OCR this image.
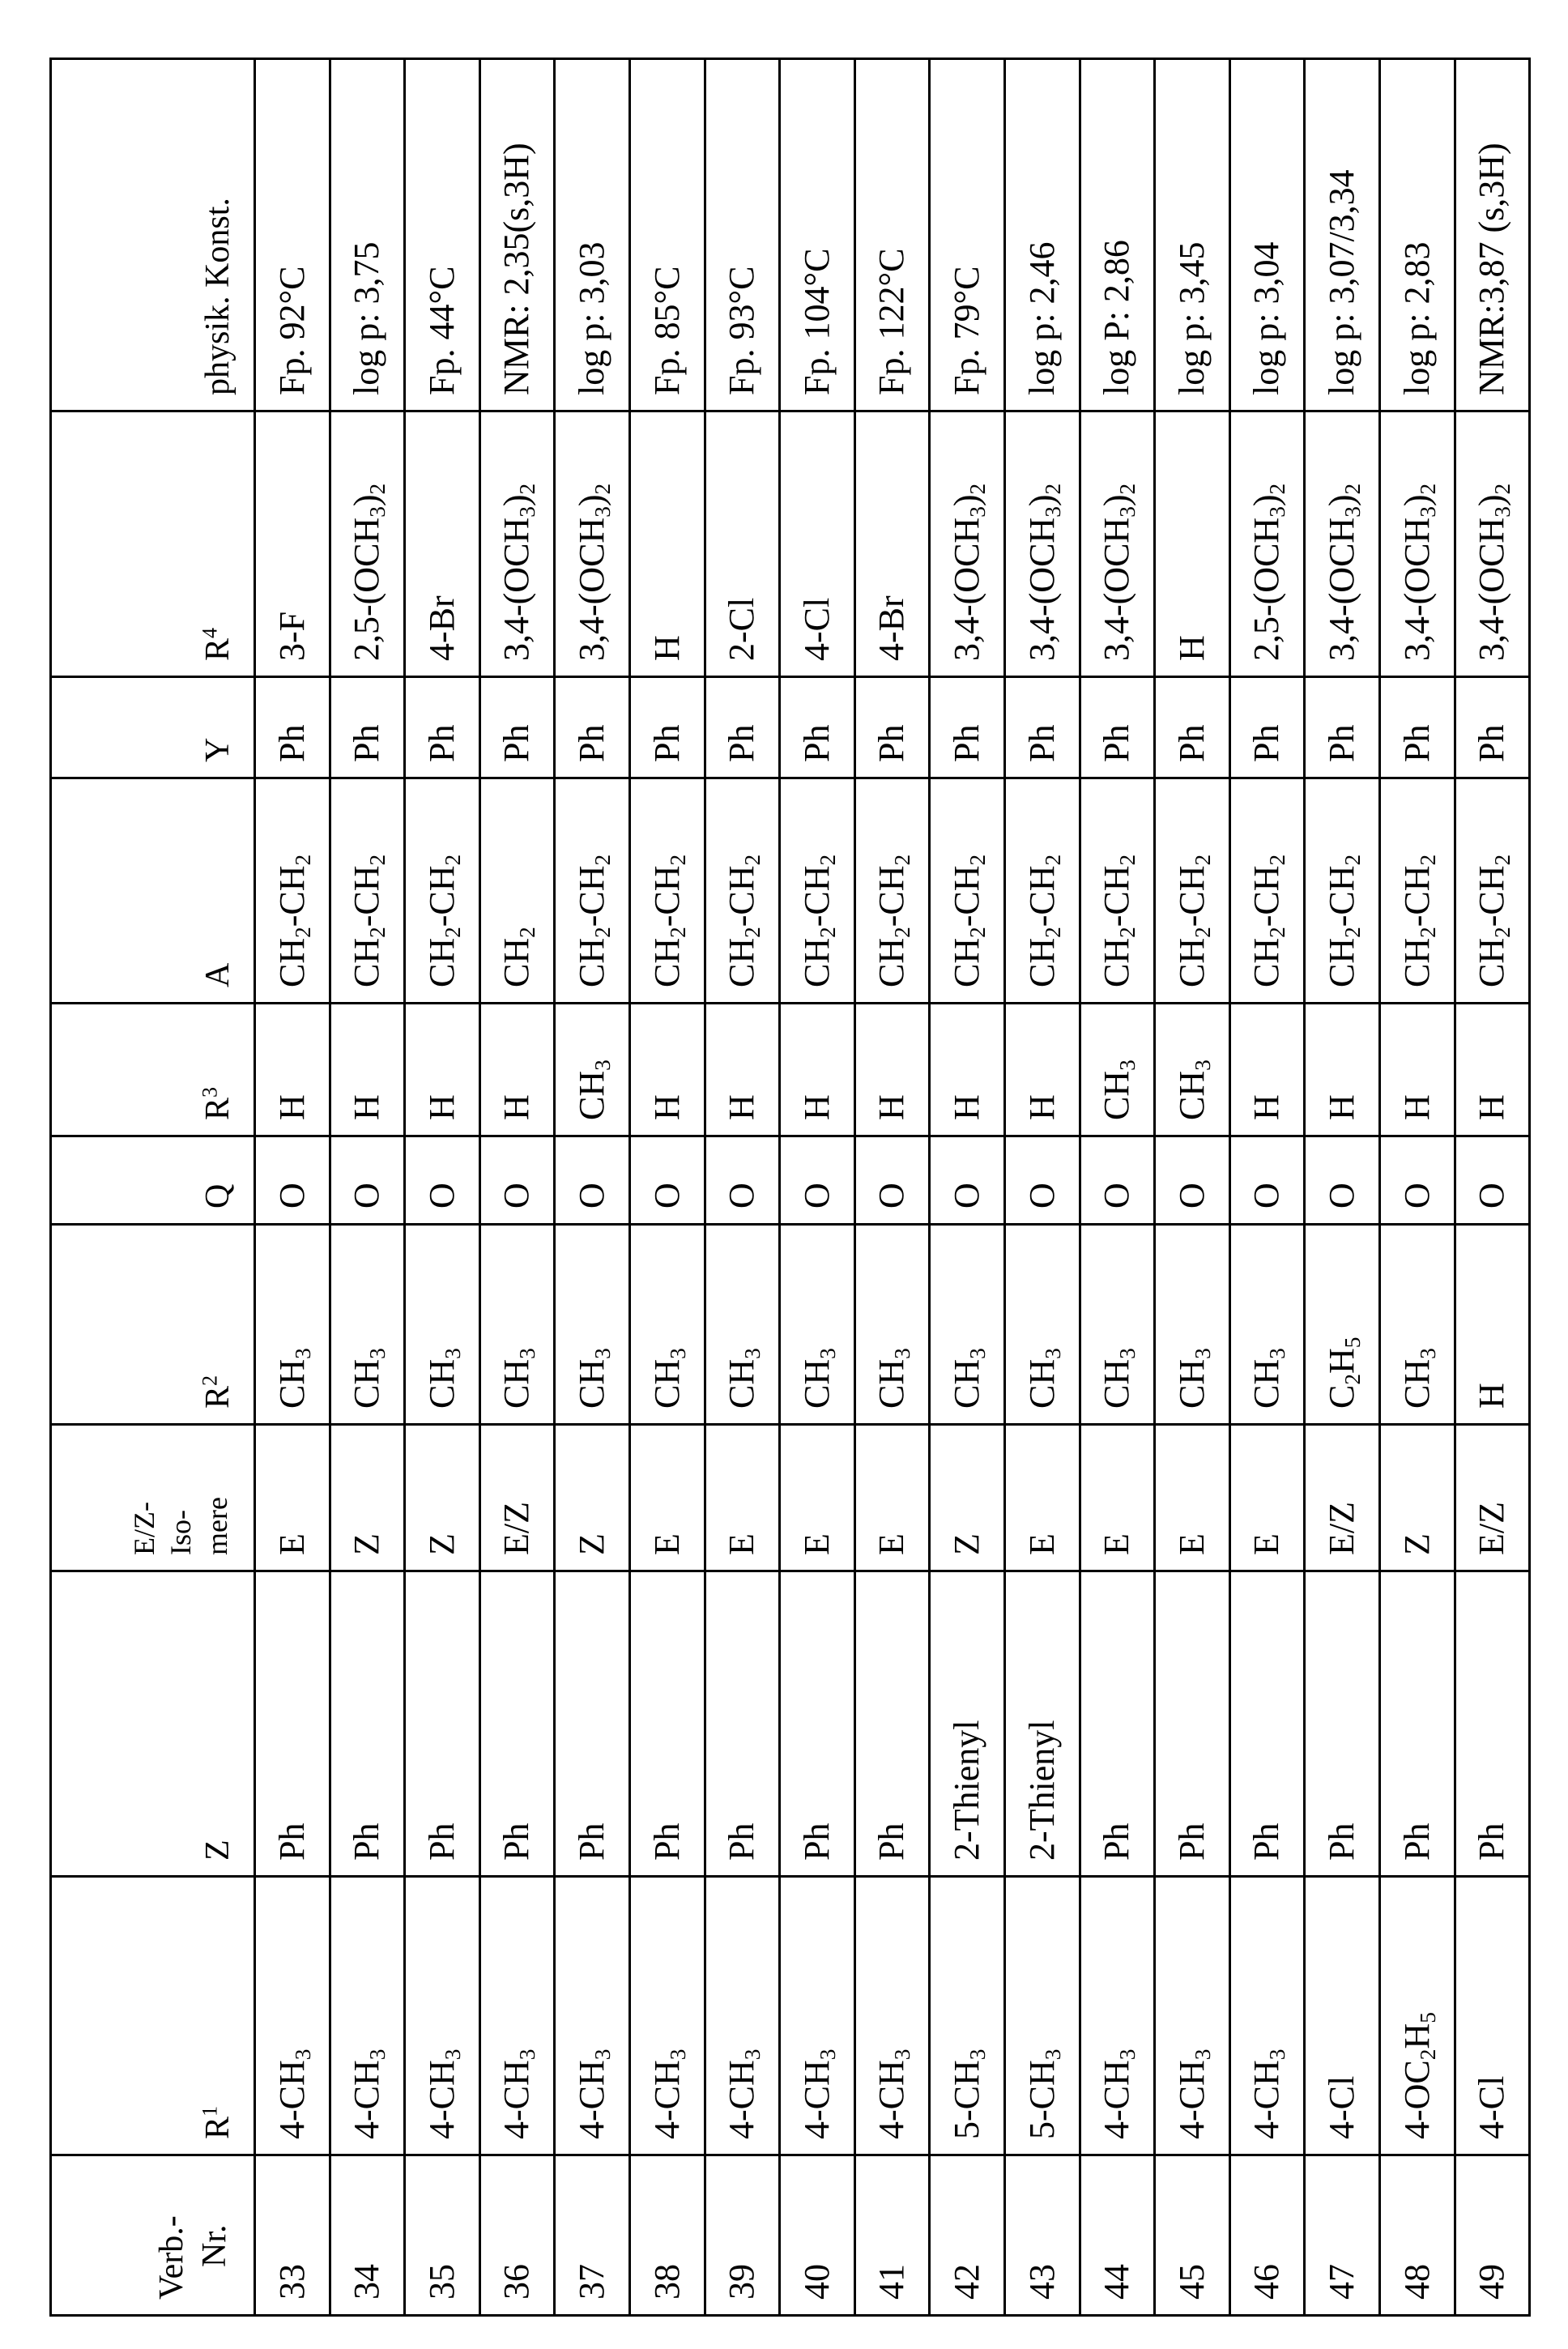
Verb.- Nr.	$R^1$	Z	E/Z- Iso- mere	$R^2$	Q	$R^3$	A	Y	$R^4$	physik. Konst.
33	$4-CH_3$	Ph	E	$CH_3$	O	H	$CH_2-CH_2$	Ph	3-F	Fp. 92°C
34	$4-CH_3$	Ph	Z	$CH_3$	O	H	$CH_2-CH_2$	Ph	$2,5-(OCH_3)_2$	log p: 3,75
35	$4-CH_3$	Ph	Z	$CH_3$	O	H	$CH_2-CH_2$	Ph	4-Br	Fp. 44°C
36	$4-CH_3$	Ph	E/Z	$CH_3$	O	H	$CH_2$	Ph	$3,4-(OCH_3)_2$	NMR: 2,35(s,3H)
37	$4-CH_3$	Ph	Z	$CH_3$	O	$CH_3$	$CH_2-CH_2$	Ph	$3,4-(OCH_3)_2$	log p: 3,03
38	$4-CH_3$	Ph	E	$CH_3$	O	H	$CH_2-CH_2$	Ph	H	Fp. 85°C
39	$4-CH_3$	Ph	E	$CH_3$	O	H	$CH_2-CH_2$	Ph	2-Cl	Fp. 93°C
40	$4-CH_3$	Ph	E	$CH_3$	O	H	$CH_2-CH_2$	Ph	4-Cl	Fp. 104°C
41	$4-CH_3$	Ph	E	$CH_3$	O	H	$CH_2-CH_2$	Ph	4-Br	Fp. 122°C
42	$5-CH_3$	2-Thienyl	Z	$CH_3$	O	H	$CH_2-CH_2$	Ph	$3,4-(OCH_3)_2$	Fp. 79°C
43	$5-CH_3$	2-Thienyl	E	$CH_3$	O	H	$CH_2-CH_2$	Ph	$3,4-(OCH_3)_2$	log p: 2,46
44	$4-CH_3$	Ph	E	$CH_3$	O	$CH_3$	$CH_2-CH_2$	Ph	$3,4-(OCH_3)_2$	log P: 2,86
45	$4-CH_3$	Ph	E	$CH_3$	O	$CH_3$	$CH_2-CH_2$	Ph	H	log p: 3,45
46	$4-CH_3$	Ph	E	$CH_3$	O	H	$CH_2-CH_2$	Ph	$2,5-(OCH_3)_2$	log p: 3,04
47	4-Cl	Ph	E/Z	$C_2H_5$	O	H	$CH_2-CH_2$	Ph	$3,4-(OCH_3)_2$	log p: 3,07/3,34
48	$4-OC_2H_5$	Ph	Z	$CH_3$	O	H	$CH_2-CH_2$	Ph	$3,4-(OCH_3)_2$	log p: 2,83
49	4-Cl	Ph	E/Z	H	O	H	$CH_2-CH_2$	Ph	$3,4-(OCH_3)_2$	NMR:3,87 (s,3H)
